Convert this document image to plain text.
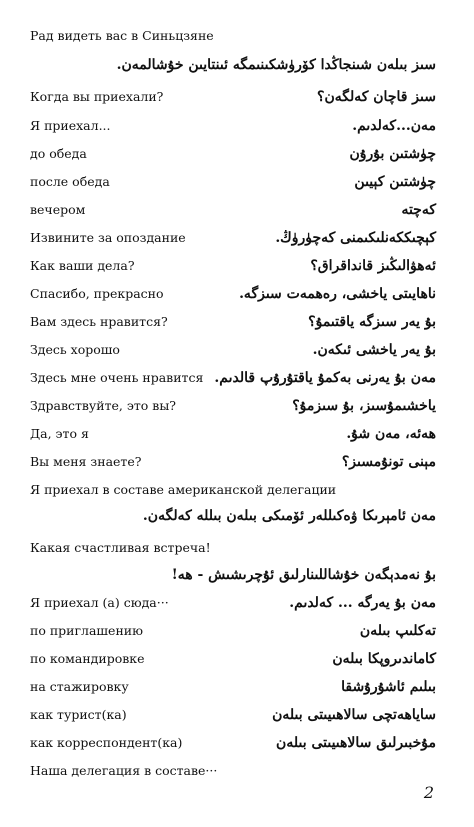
Рад видеть вас в Синьцзяне
سىز بىلەن شىنجاڭدا كۆرۈشكىنىمگە ئىنتايىن خۇشالمەن.
Когда вы приехали?	سىز قاچان كەلگەن؟
Я приехал...	مەن...كەلدىم.
до обеда	چۈشتىن بۇرۇن
после обеда	چۈشتىن كېيىن
вечером	كەچتە
Извините за опоздание	كېچىككەنلىكىمنى كەچۈرۈڭ.
Как ваши дела?	ئەھۋالىڭىز قانداقراق؟
Спасибо, прекрасно	ناھايىتى ياخشى، رەھمەت سىزگە.
Вам здесь нравится?	بۇ يەر سىزگە ياقتىمۇ؟
Здесь хорошо	بۇ يەر ياخشى ئىكەن.
Здесь мне очень нравится مەن بۇ يەرنى بەكمۇ ياقتۇرۇپ قالدىم.
Здравствуйте, это вы?	ياخشىمۇسىز، بۇ سىزمۇ؟
Да, это я	ھەئە، مەن شۇ.
Вы меня знаете?	مېنى تونۇمسىز؟
Я приехал в составе американской делегации
مەن ئامېرىكا ۋەكىللەر ئۆمىكى بىلەن بىللە كەلگەن.
Какая счастливая встреча!
بۇ نەمدېگەن خۇشاللىنارلىق ئۇچرىشىش - ھە!
Я приехал (а) сюда···	مەن بۇ يەرگە ... كەلدىم.
по приглашению	تەكلىپ بىلەن
по командировке	كاماندىروپكا بىلەن
на стажировку	بىلىم ئاشۇرۇشقا
как турист(ка)	ساياھەتچى سالاھىيىتى بىلەن
как корреспондент(ка)	مۇخبىرلىق سالاھىيىتى بىلەن
Наша делегация в составе···
2
